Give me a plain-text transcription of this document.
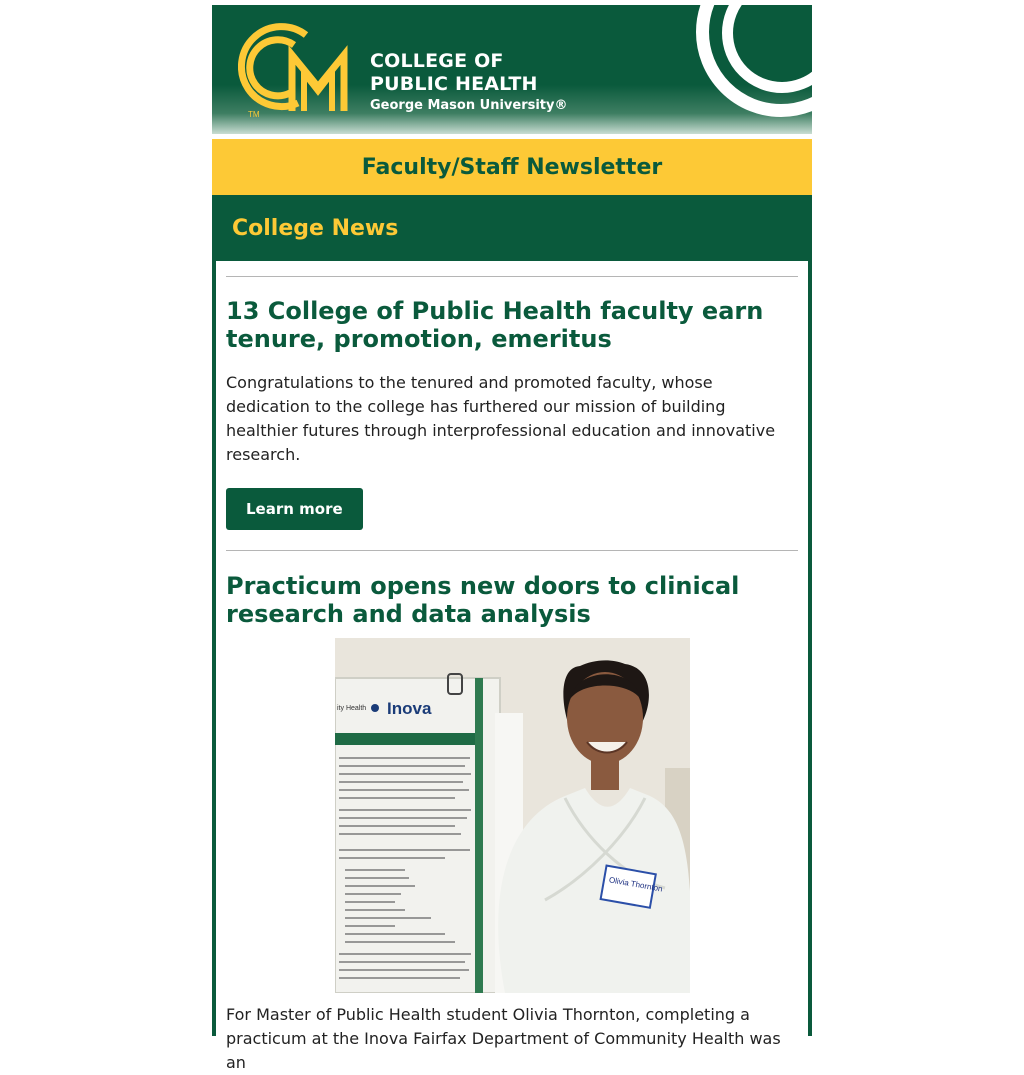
TM
COLLEGE OF
PUBLIC HEALTH
George Mason University®
Faculty/Staff Newsletter
College News
13 College of Public Health faculty earn tenure, promotion, emeritus

Congratulations to the tenured and promoted faculty, whose dedication to the college has furthered our mission of building healthier futures through interprofessional education and innovative research.

Learn more
Practicum opens new doors to clinical research and data analysis
Inova
ity Health
Olivia Thornton

For Master of Public Health student Olivia Thornton, completing a practicum at the Inova Fairfax Department of Community Health was an
